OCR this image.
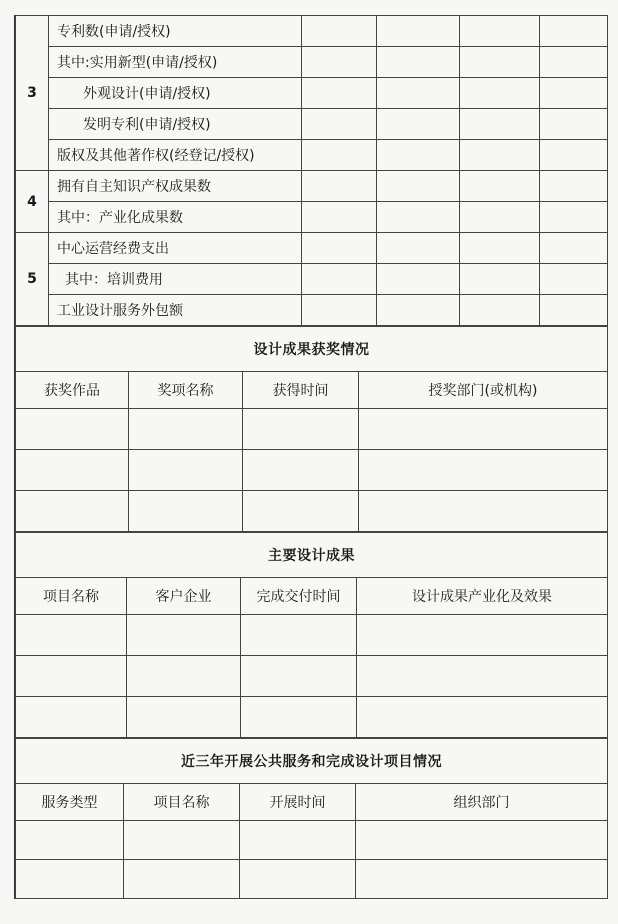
3	专利数(申请/授权)				
	其中:实用新型(申请/授权)				
	外观设计(申请/授权)				
	发明专利(申请/授权)				
	版权及其他著作权(经登记/授权)				
4	拥有自主知识产权成果数				
	其中：产业化成果数				
5	中心运营经费支出				
	其中：培训费用				
	工业设计服务外包额				
设计成果获奖情况			
获奖作品	奖项名称	获得时间	授奖部门(或机构)

主要设计成果			
项目名称	客户企业	完成交付时间	设计成果产业化及效果

近三年开展公共服务和完成设计项目情况			
服务类型	项目名称	开展时间	组织部门
